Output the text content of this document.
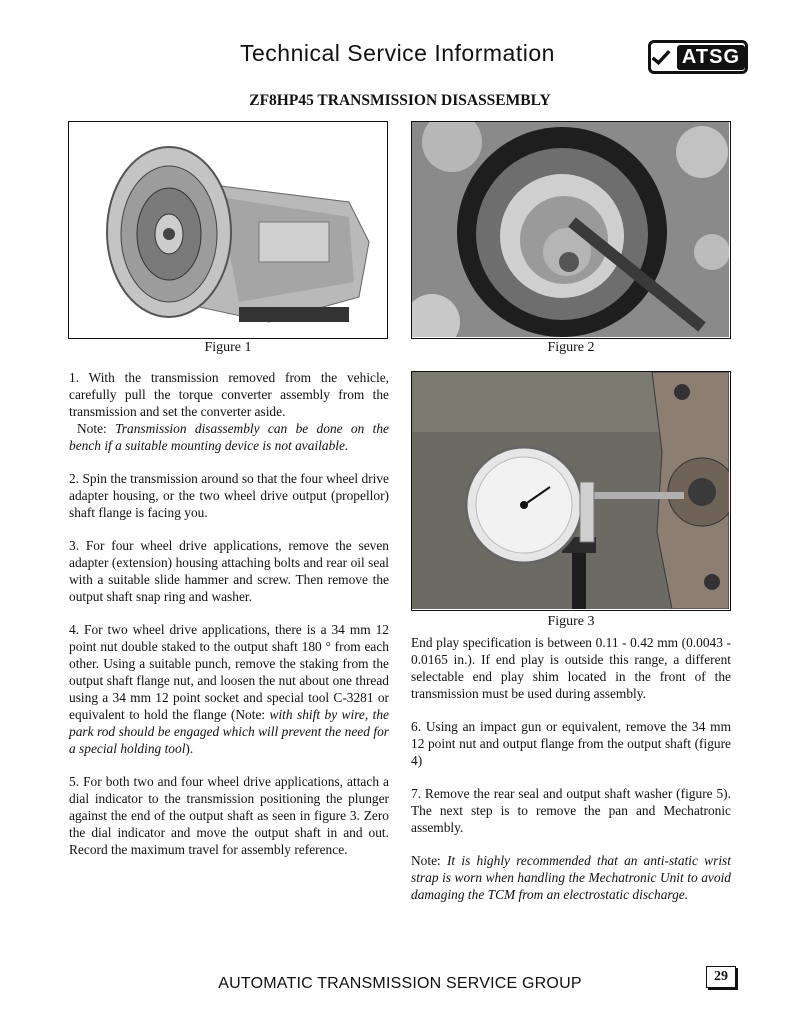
Technical Service Information	ATSG
ZF8HP45 TRANSMISSION DISASSEMBLY
Figure 1	Figure 2
Figure 3

1. With the transmission removed from the vehicle, carefully pull the torque converter assembly from the transmission and set the converter aside.

Note: Transmission disassembly can be done on the bench if a suitable mounting device is not available.

2. Spin the transmission around so that the four wheel drive adapter housing, or the two wheel drive output (propellor) shaft flange is facing you.

3. For four wheel drive applications, remove the seven adapter (extension) housing attaching bolts and rear oil seal with a suitable slide hammer and screw. Then remove the output shaft snap ring and washer.

4. For two wheel drive applications, there is a 34 mm 12 point nut double staked to the output shaft 180 ° from each other. Using a suitable punch, remove the staking from the output shaft flange nut, and loosen the nut about one thread using a 34 mm 12 point socket and special tool C-3281 or equivalent to hold the flange (Note: with shift by wire, the park rod should be engaged which will prevent the need for a special holding tool).

5. For both two and four wheel drive applications, attach a dial indicator to the transmission positioning the plunger against the end of the output shaft as seen in figure 3. Zero the dial indicator and move the output shaft in and out. Record the maximum travel for assembly reference.

End play specification is between 0.11 - 0.42 mm (0.0043 - 0.0165 in.). If end play is outside this range, a different selectable end play shim located in the front of the transmission must be used during assembly.

6. Using an impact gun or equivalent, remove the 34 mm 12 point nut and output flange from the output shaft (figure 4)

7. Remove the rear seal and output shaft washer (figure 5). The next step is to remove the pan and Mechatronic assembly.

Note: It is highly recommended that an anti-static wrist strap is worn when handling the Mechatronic Unit to avoid damaging the TCM from an electrostatic discharge.

AUTOMATIC TRANSMISSION SERVICE GROUP	29
